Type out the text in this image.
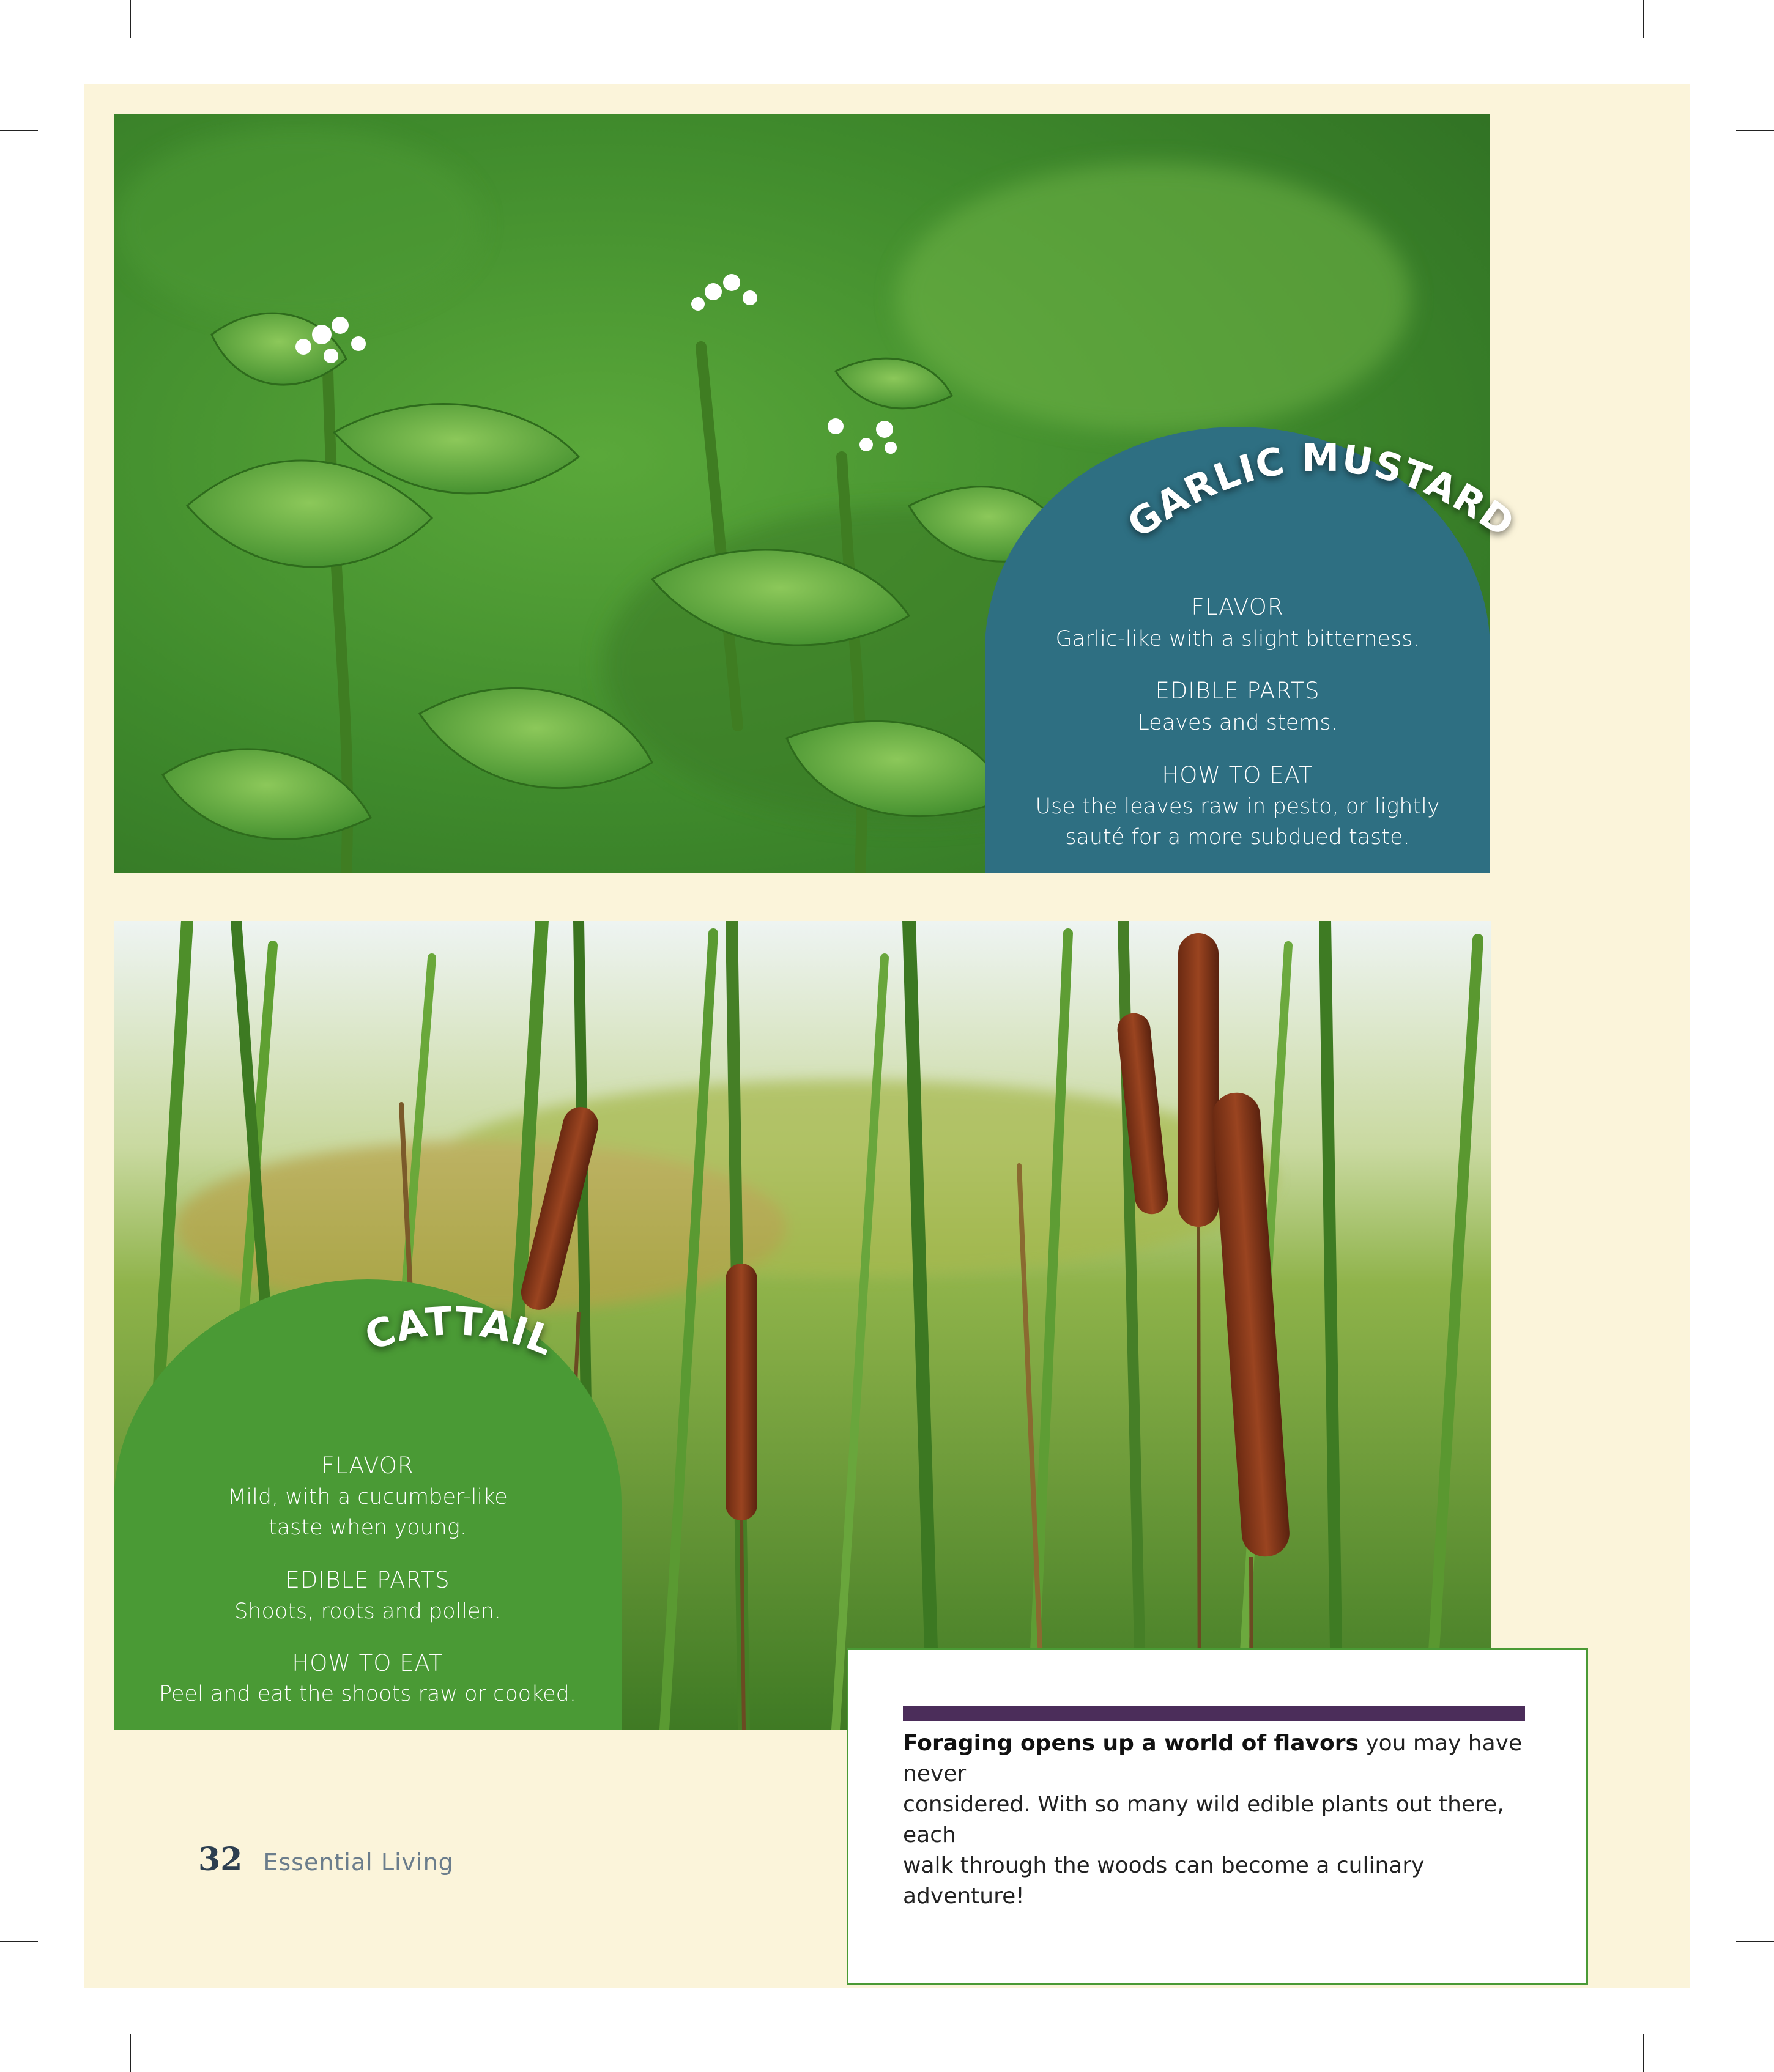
FLAVOR
Garlic-like with a slight bitterness.
EDIBLE PARTS
Leaves and stems.
HOW TO EAT
Use the leaves raw in pesto, or lightly
sauté for a more subdued taste.
GARLIC MUSTARD
FLAVOR
Mild, with a cucumber-like
taste when young.
EDIBLE PARTS
Shoots, roots and pollen.
HOW TO EAT
Peel and eat the shoots raw or cooked.
CATTAIL
Foraging opens up a world of flavors you may have never
considered. With so many wild edible plants out there, each
walk through the woods can become a culinary adventure!
32 Essential Living
